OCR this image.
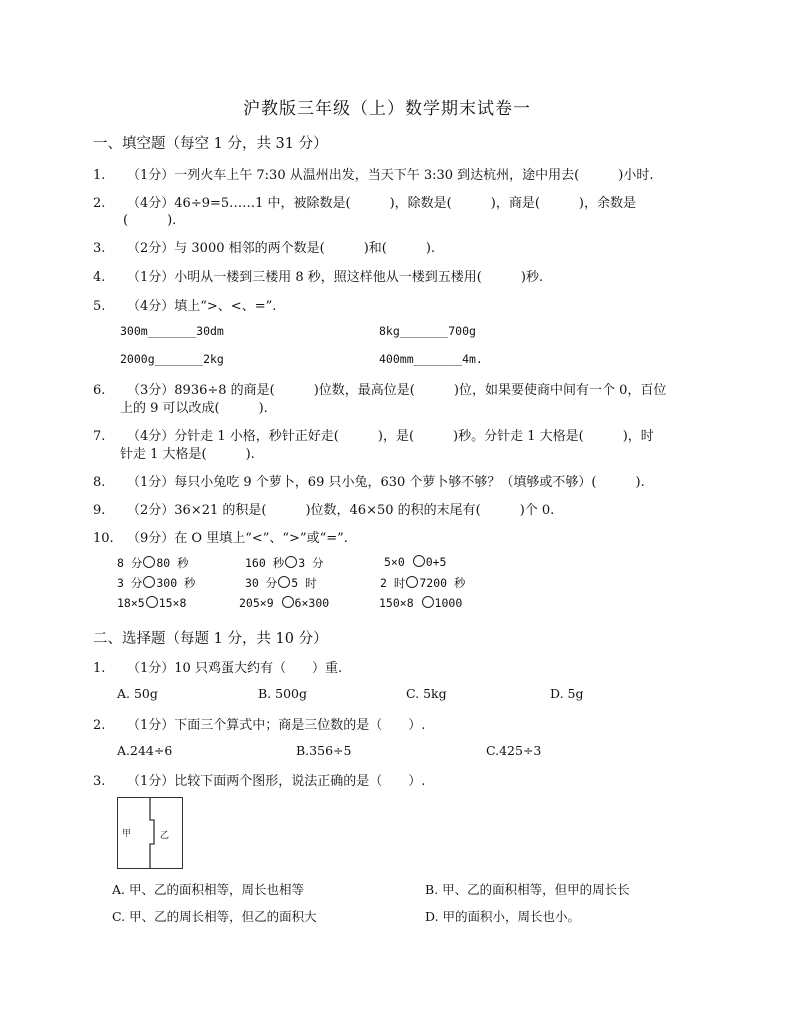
沪教版三年级（上）数学期末试卷一
一、填空题（每空 1 分，共 31 分）
1. （1分）一列火车上午 7:30 从温州出发，当天下午 3:30 到达杭州，途中用去(　　　)小时.
2. （4分）46÷9=5……1 中，被除数是(　　　)，除数是(　　　)，商是(　　　)，余数是
(　　　).
3. （2分）与 3000 相邻的两个数是(　　　)和(　　　).
4. （1分）小明从一楼到三楼用 8 秒，照这样他从一楼到五楼用(　　　)秒.
5. （4分）填上“>、<、=”.
300m_______30dm	8kg_______700g
2000g_______2kg	400mm_______4m.
6. （3分）8936÷8 的商是(　　　)位数，最高位是(　　　)位，如果要使商中间有一个 0，百位
上的 9 可以改成(　　　).
7. （4分）分针走 1 小格，秒针正好走(　　　)，是(　　　)秒。分针走 1 大格是(　　　)，时
针走 1 大格是(　　　).
8. （1分）每只小兔吃 9 个萝卜，69 只小兔，630 个萝卜够不够？（填够或不够）(　　　).
9. （2分）36×21 的积是(　　　)位数，46×50 的积的末尾有(　　　)个 0.
10. （9分）在 O 里填上“<”、“>”或“=”.
8 分 80 秒	160 秒 3 分	5×0 0+5
3 分 300 秒	30 分 5 时	2 时 7200 秒
18×5 15×8	205×9 6×300	150×8 1000
二、选择题（每题 1 分，共 10 分）
1. （1分）10 只鸡蛋大约有（　　）重.
A. 50g	B. 500g	C. 5kg	D. 5g
2. （1分）下面三个算式中；商是三位数的是（　　）.
A.244÷6	B.356÷5	C.425÷3
3. （1分）比较下面两个图形，说法正确的是（　　）.
甲	乙
A. 甲、乙的面积相等，周长也相等	B. 甲、乙的面积相等，但甲的周长长
C. 甲、乙的周长相等，但乙的面积大	D. 甲的面积小，周长也小。
